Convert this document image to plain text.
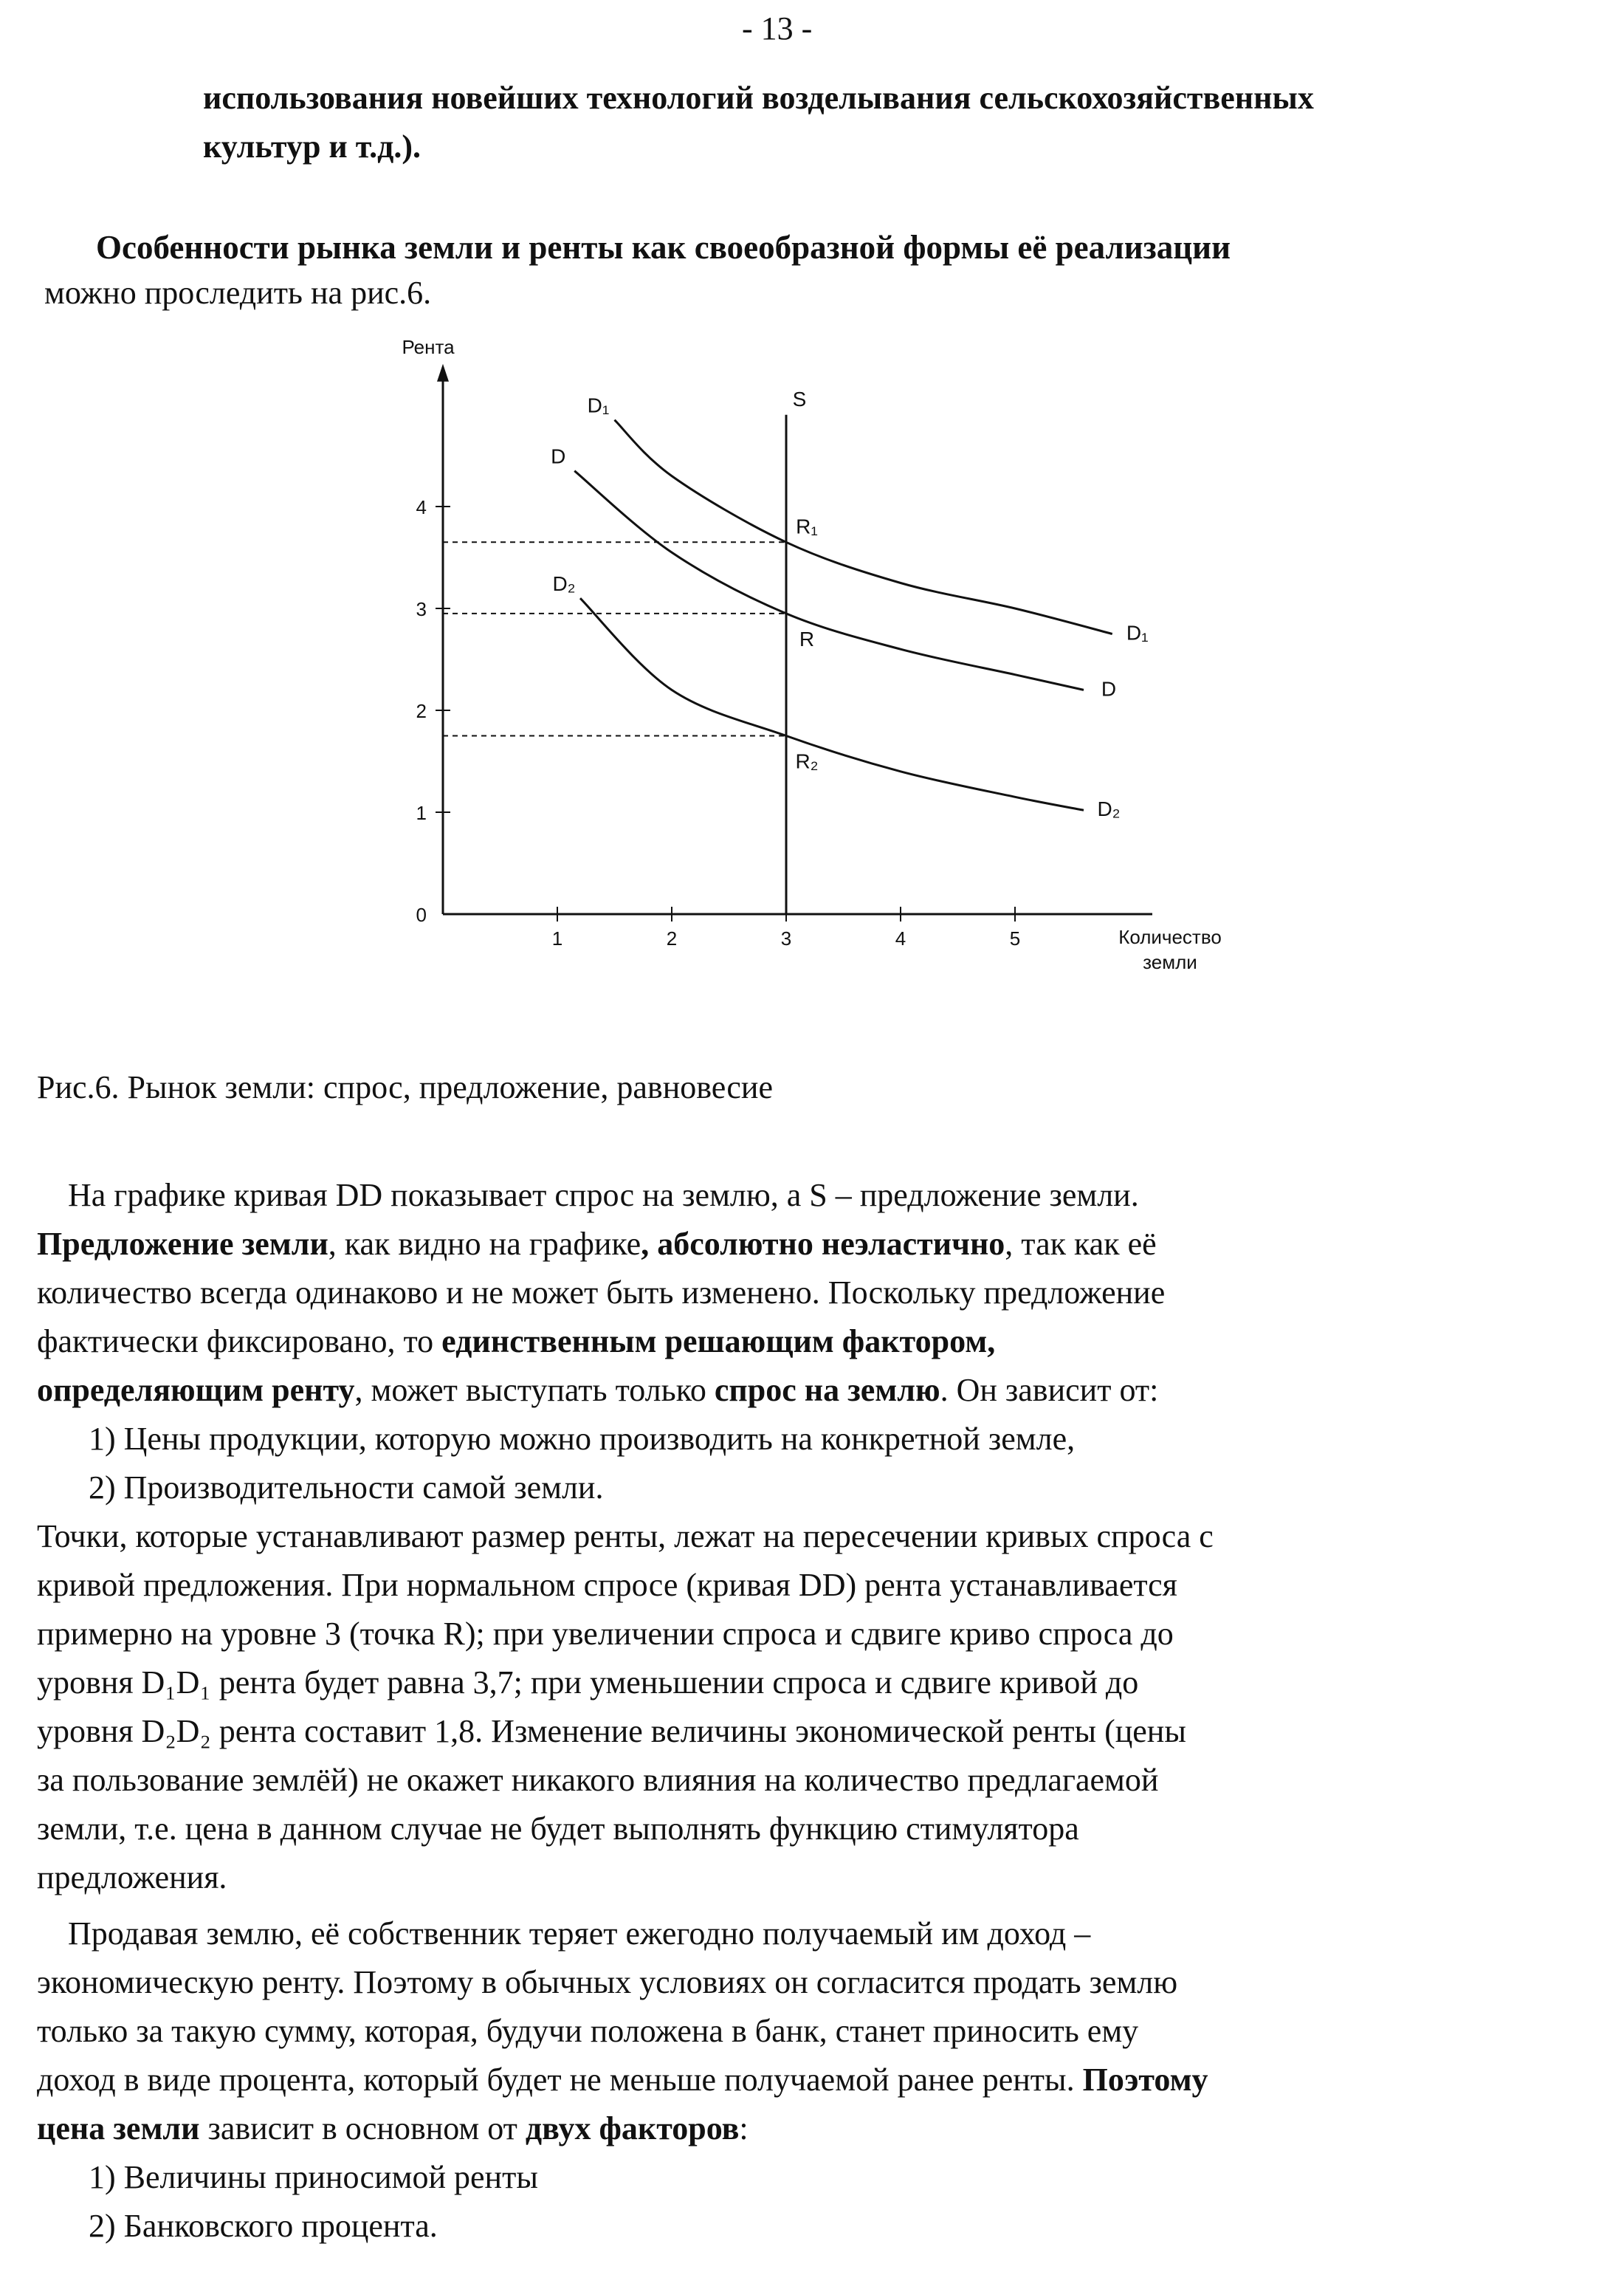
- 13 -
использования новейших технологий возделывания сельскохозяйственных
культур и т.д.).
Особенности рынка земли и ренты как своеобразной формы её реализации
можно проследить на рис.6.
Рента
Количество
земли
0
1
2
3
4
1	2	3	4	5
S
D₁
D₁
D
D
D₂
D₂
R₁
R
R₂
Рис.6. Рынок земли: спрос, предложение, равновесие
На графике кривая DD показывает спрос на землю, а S – предложение земли.
Предложение земли, как видно на графике, абсолютно неэластично, так как её
количество всегда одинаково и не может быть изменено. Поскольку предложение
фактически фиксировано, то единственным решающим фактором,
определяющим ренту, может выступать только спрос на землю. Он зависит от:
1) Цены продукции, которую можно производить на конкретной земле,
2) Производительности самой земли.
Точки, которые устанавливают размер ренты, лежат на пересечении кривых спроса с
кривой предложения. При нормальном спросе (кривая DD) рента устанавливается
примерно на уровне 3 (точка R); при увеличении спроса и сдвиге криво спроса до
уровня D₁D₁ рента будет равна 3,7; при уменьшении спроса и сдвиге кривой до
уровня D₂D₂ рента составит 1,8. Изменение величины экономической ренты (цены
за пользование землёй) не окажет никакого влияния на количество предлагаемой
земли, т.е. цена в данном случае не будет выполнять функцию стимулятора
предложения.
Продавая землю, её собственник теряет ежегодно получаемый им доход –
экономическую ренту. Поэтому в обычных условиях он согласится продать землю
только за такую сумму, которая, будучи положена в банк, станет приносить ему
доход в виде процента, который будет не меньше получаемой ранее ренты. Поэтому
цена земли зависит в основном от двух факторов:
1) Величины приносимой ренты
2) Банковского процента.
